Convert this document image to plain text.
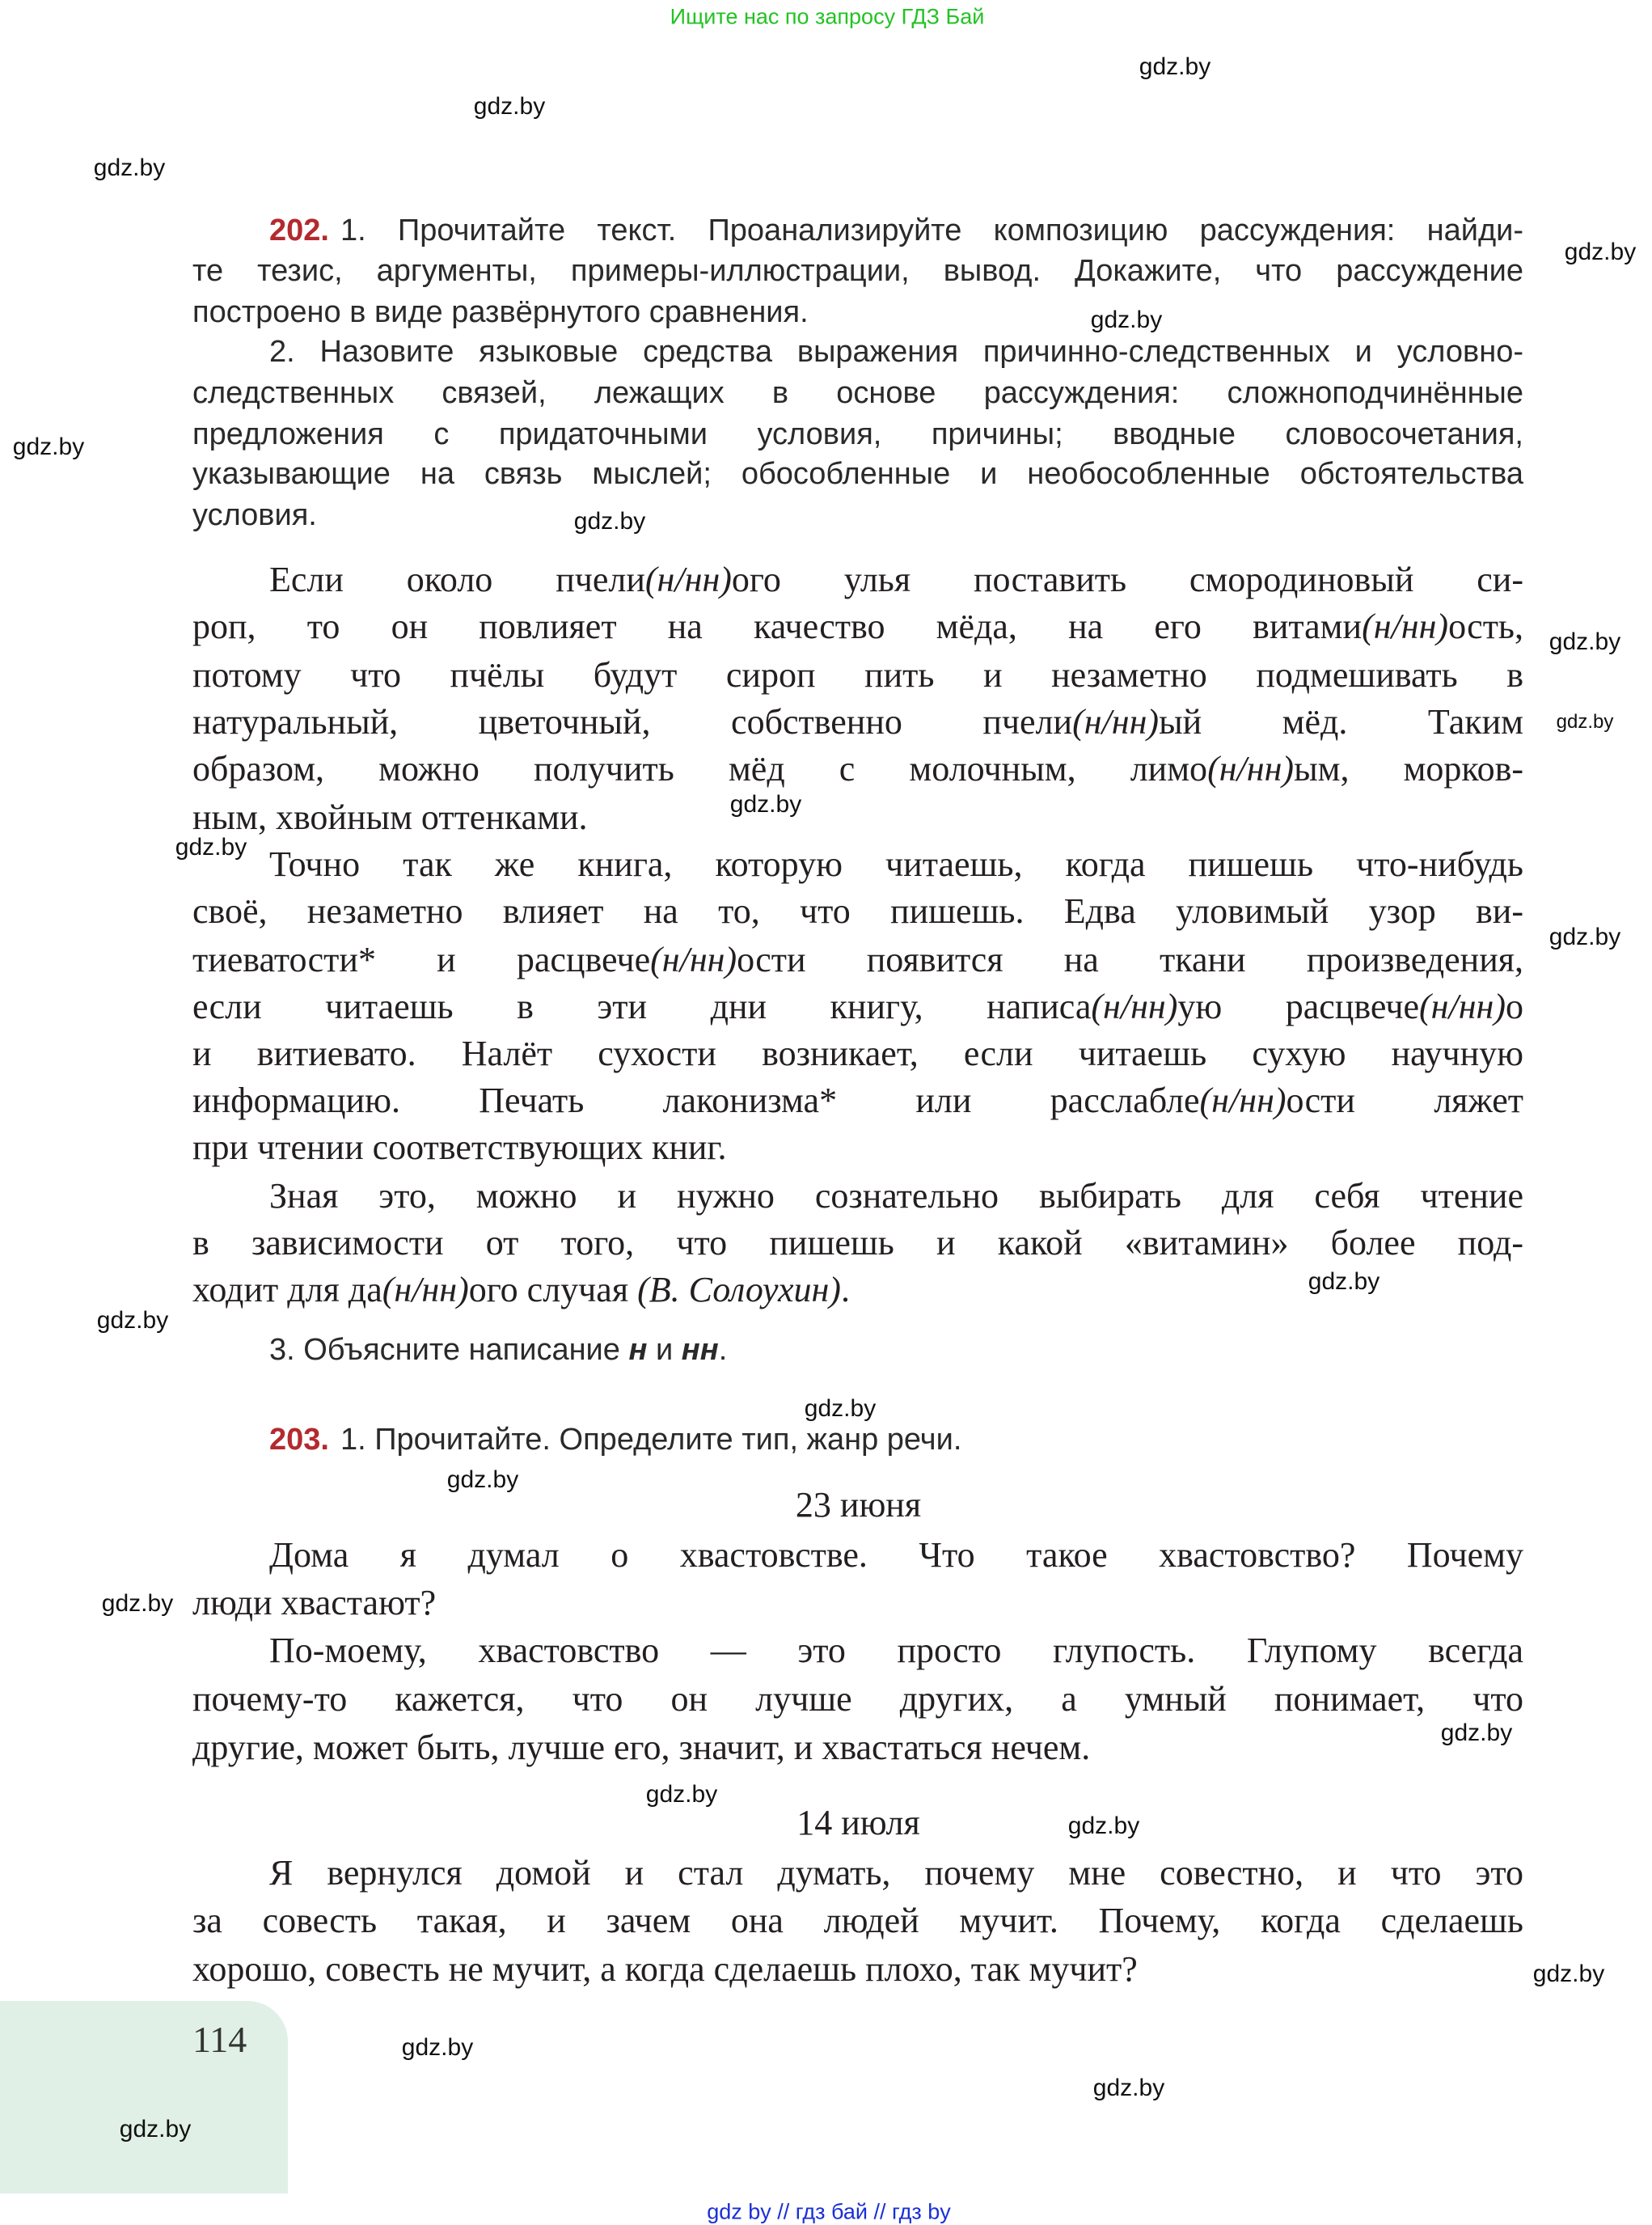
Ищите нас по запросу ГДЗ Бай
202. 1. Прочитайте текст. Проанализируйте композицию рассуждения: найди-
те тезис, аргументы, примеры-иллюстрации, вывод. Докажите, что рассуждение
построено в виде развёрнутого сравнения.
2. Назовите языковые средства выражения причинно-следственных и условно-
следственных связей, лежащих в основе рассуждения: сложноподчинённые
предложения с придаточными условия, причины; вводные словосочетания,
указывающие на связь мыслей; обособленные и необособленные обстоятельства
условия.
Если около пчели(н/нн)ого улья поставить смородиновый си-
роп, то он повлияет на качество мёда, на его витами(н/нн)ость,
потому что пчёлы будут сироп пить и незаметно подмешивать в
натуральный, цветочный, собственно пчели(н/нн)ый мёд. Таким
образом, можно получить мёд с молочным, лимо(н/нн)ым, морков-
ным, хвойным оттенками.
Точно так же книга, которую читаешь, когда пишешь что-нибудь
своё, незаметно влияет на то, что пишешь. Едва уловимый узор ви-
тиеватости* и расцвече(н/нн)ости появится на ткани произведения,
если читаешь в эти дни книгу, написа(н/нн)ую расцвече(н/нн)о
и витиевато. Налёт сухости возникает, если читаешь сухую научную
информацию. Печать лаконизма* или расслабле(н/нн)ости ляжет
при чтении соответствующих книг.
Зная это, можно и нужно сознательно выбирать для себя чтение
в зависимости от того, что пишешь и какой «витамин» более под-
ходит для да(н/нн)ого случая (В. Солоухин).
3. Объясните написание н и нн.
203. 1. Прочитайте. Определите тип, жанр речи.
23 июня
Дома я думал о хвастовстве. Что такое хвастовство? Почему
люди хвастают?
По-моему, хвастовство — это просто глупость. Глупому всегда
почему-то кажется, что он лучше других, а умный понимает, что
другие, может быть, лучше его, значит, и хвастаться нечем.
14 июля
Я вернулся домой и стал думать, почему мне совестно, и что это
за совесть такая, и зачем она людей мучит. Почему, когда сделаешь
хорошо, совесть не мучит, а когда сделаешь плохо, так мучит?
114
gdz.by
gdz.by
gdz.by
gdz.by
gdz.by
gdz.by
gdz.by
gdz.by
gdz.by
gdz.by
gdz.by
gdz.by
gdz.by
gdz.by
gdz.by
gdz.by
gdz.by
gdz.by
gdz.by
gdz.by
gdz.by
gdz.by
gdz.by
gdz.by
gdz by // гдз бай // гдз by
